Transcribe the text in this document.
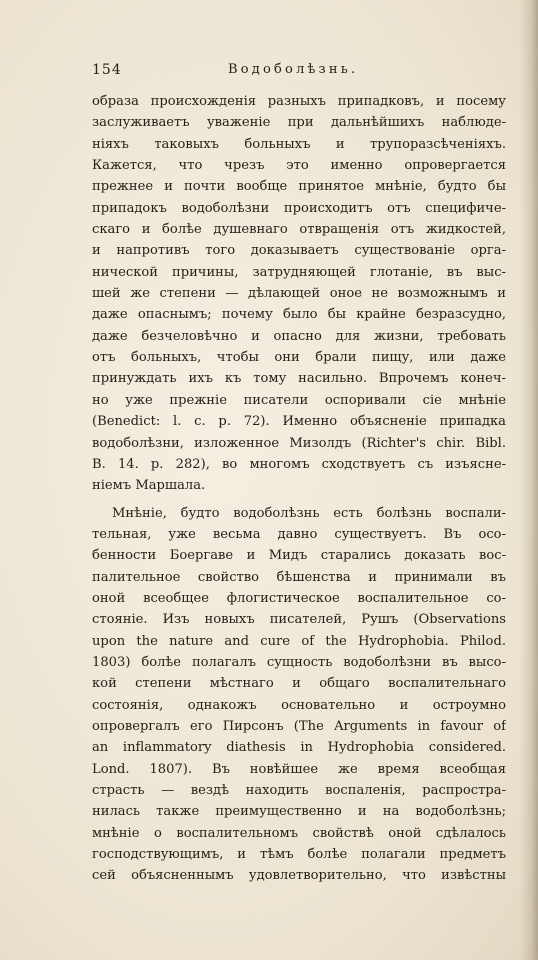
154	Водоболѣзнь.
образа происхожденія разныхъ припадковъ, и посему
заслуживаетъ уваженіе при дальнѣйшихъ наблюде-
ніяхъ таковыхъ больныхъ и трупоразсѣченіяхъ.
Кажется, что чрезъ это именно опровергается
прежнее и почти вообще принятое мнѣніе, будто бы
припадокъ водоболѣзни происходитъ отъ специфиче-
скаго и болѣе душевнаго отвращенія отъ жидкостей,
и напротивъ того доказываетъ существованіе орга-
нической причины, затрудняющей глотаніе, въ выс-
шей же степени — дѣлающей оное не возможнымъ и
даже опаснымъ; почему было бы крайне безразсудно,
даже безчеловѣчно и опасно для жизни, требовать
отъ больныхъ, чтобы они брали пищу, или даже
принуждать ихъ къ тому насильно. Впрочемъ конеч-
но уже прежніе писатели оспоривали сіе мнѣніе
(Benedict: l. c. p. 72). Именно объясненіе припадка
водоболѣзни, изложенное Мизолдъ (Richter's chir. Bibl.
B. 14. p. 282), во многомъ сходствуетъ съ изъясне-
ніемъ Маршала.
Мнѣніе, будто водоболѣзнь есть болѣзнь воспали-
тельная, уже весьма давно существуетъ. Въ осо-
бенности Боергаве и Мидъ старались доказать вос-
палительное свойство бѣшенства и принимали въ
оной всеобщее флогистическое воспалительное со-
стояніе. Изъ новыхъ писателей, Рушъ (Observations
upon the nature and cure of the Hydrophobia. Philod.
1803) болѣе полагалъ сущность водоболѣзни въ высо-
кой степени мѣстнаго и общаго воспалительнаго
состоянія, однакожъ основательно и остроумно
опровергалъ его Пирсонъ (The Arguments in favour of
an inflammatory diathesis in Hydrophobia considered.
Lond. 1807). Въ новѣйшее же время всеобщая
страсть — вездѣ находить воспаленія, распростра-
нилась также преимущественно и на водоболѣзнь;
мнѣніе о воспалительномъ свойствѣ оной сдѣлалось
господствующимъ, и тѣмъ болѣе полагали предметъ
сей объясненнымъ удовлетворительно, что извѣстны
